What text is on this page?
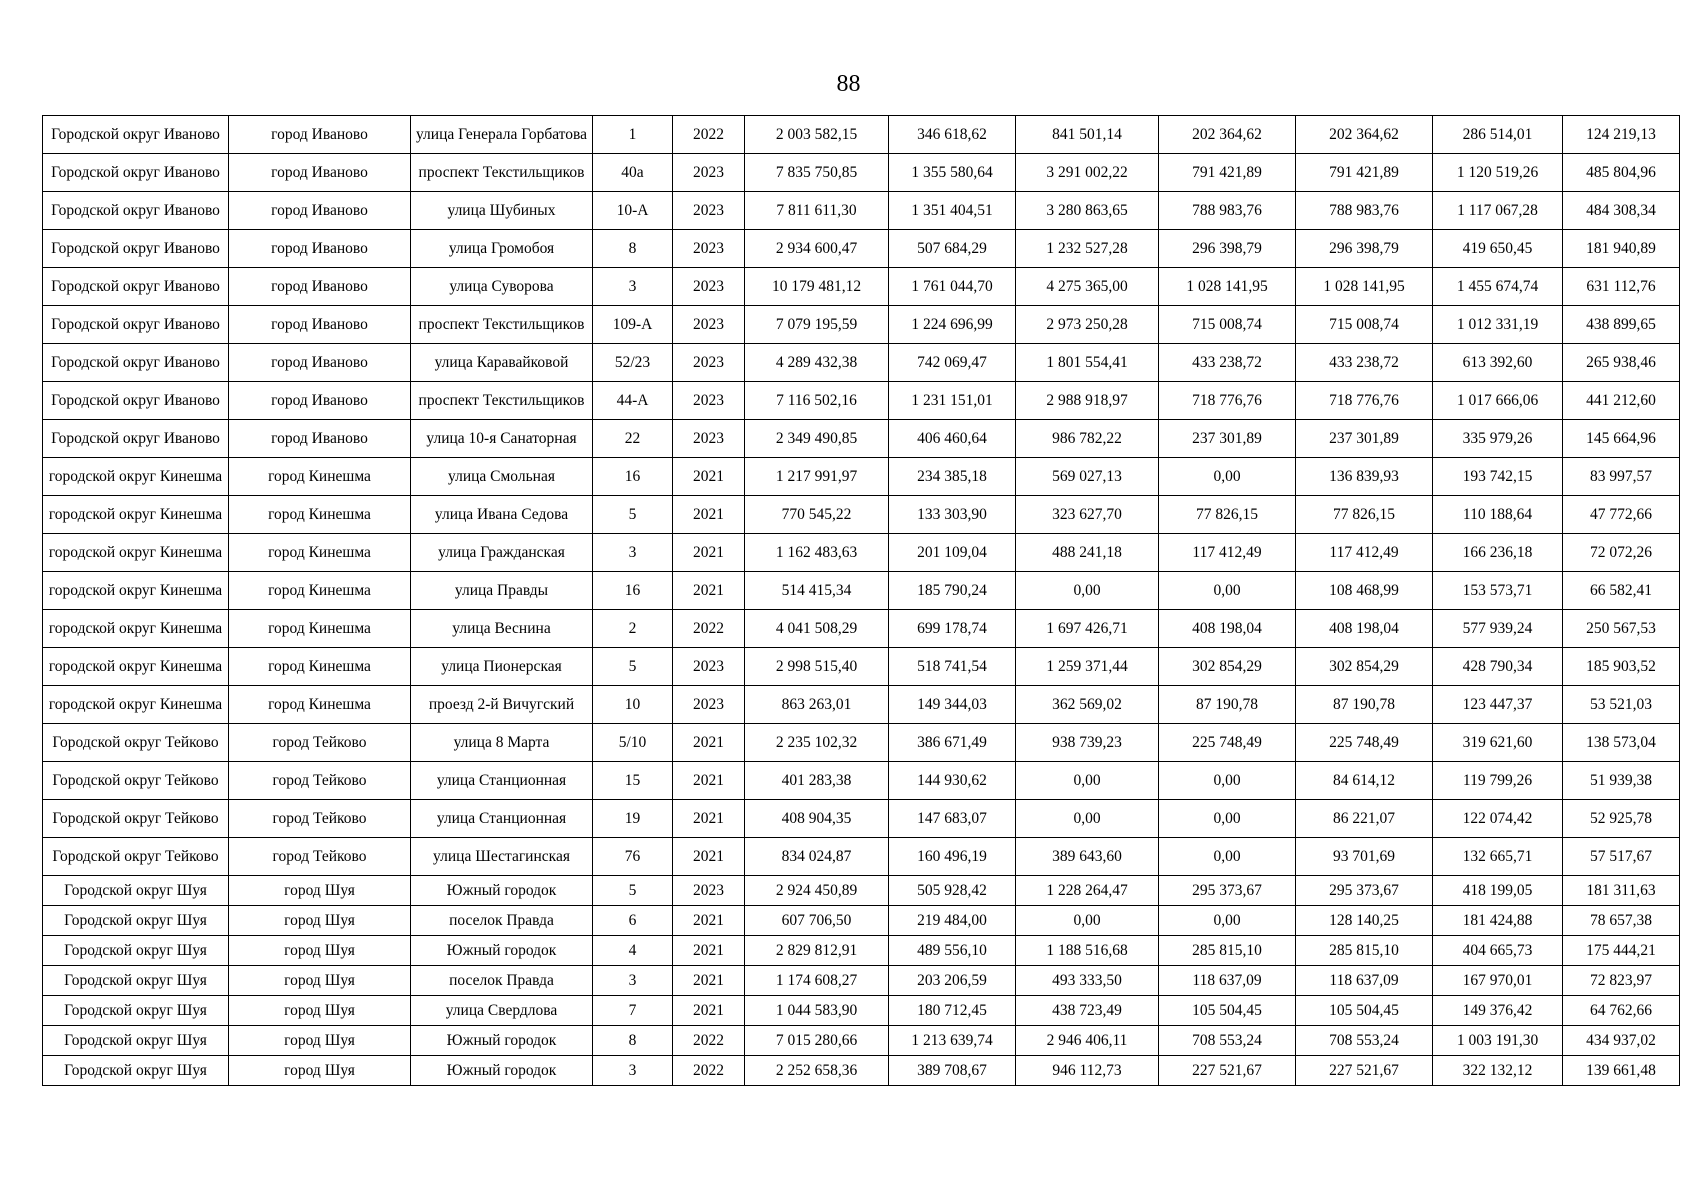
88
Городской округ Иваново	город Иваново	улица Генерала Горбатова	1	2022	2 003 582,15	346 618,62	841 501,14	202 364,62	202 364,62	286 514,01	124 219,13
Городской округ Иваново	город Иваново	проспект Текстильщиков	40а	2023	7 835 750,85	1 355 580,64	3 291 002,22	791 421,89	791 421,89	1 120 519,26	485 804,96
Городской округ Иваново	город Иваново	улица Шубиных	10-А	2023	7 811 611,30	1 351 404,51	3 280 863,65	788 983,76	788 983,76	1 117 067,28	484 308,34
Городской округ Иваново	город Иваново	улица Громобоя	8	2023	2 934 600,47	507 684,29	1 232 527,28	296 398,79	296 398,79	419 650,45	181 940,89
Городской округ Иваново	город Иваново	улица Суворова	3	2023	10 179 481,12	1 761 044,70	4 275 365,00	1 028 141,95	1 028 141,95	1 455 674,74	631 112,76
Городской округ Иваново	город Иваново	проспект Текстильщиков	109-А	2023	7 079 195,59	1 224 696,99	2 973 250,28	715 008,74	715 008,74	1 012 331,19	438 899,65
Городской округ Иваново	город Иваново	улица Каравайковой	52/23	2023	4 289 432,38	742 069,47	1 801 554,41	433 238,72	433 238,72	613 392,60	265 938,46
Городской округ Иваново	город Иваново	проспект Текстильщиков	44-А	2023	7 116 502,16	1 231 151,01	2 988 918,97	718 776,76	718 776,76	1 017 666,06	441 212,60
Городской округ Иваново	город Иваново	улица 10-я Санаторная	22	2023	2 349 490,85	406 460,64	986 782,22	237 301,89	237 301,89	335 979,26	145 664,96
городской округ Кинешма	город Кинешма	улица Смольная	16	2021	1 217 991,97	234 385,18	569 027,13	0,00	136 839,93	193 742,15	83 997,57
городской округ Кинешма	город Кинешма	улица Ивана Седова	5	2021	770 545,22	133 303,90	323 627,70	77 826,15	77 826,15	110 188,64	47 772,66
городской округ Кинешма	город Кинешма	улица Гражданская	3	2021	1 162 483,63	201 109,04	488 241,18	117 412,49	117 412,49	166 236,18	72 072,26
городской округ Кинешма	город Кинешма	улица Правды	16	2021	514 415,34	185 790,24	0,00	0,00	108 468,99	153 573,71	66 582,41
городской округ Кинешма	город Кинешма	улица Веснина	2	2022	4 041 508,29	699 178,74	1 697 426,71	408 198,04	408 198,04	577 939,24	250 567,53
городской округ Кинешма	город Кинешма	улица Пионерская	5	2023	2 998 515,40	518 741,54	1 259 371,44	302 854,29	302 854,29	428 790,34	185 903,52
городской округ Кинешма	город Кинешма	проезд 2-й Вичугский	10	2023	863 263,01	149 344,03	362 569,02	87 190,78	87 190,78	123 447,37	53 521,03
Городской округ Тейково	город Тейково	улица 8 Марта	5/10	2021	2 235 102,32	386 671,49	938 739,23	225 748,49	225 748,49	319 621,60	138 573,04
Городской округ Тейково	город Тейково	улица Станционная	15	2021	401 283,38	144 930,62	0,00	0,00	84 614,12	119 799,26	51 939,38
Городской округ Тейково	город Тейково	улица Станционная	19	2021	408 904,35	147 683,07	0,00	0,00	86 221,07	122 074,42	52 925,78
Городской округ Тейково	город Тейково	улица Шестагинская	76	2021	834 024,87	160 496,19	389 643,60	0,00	93 701,69	132 665,71	57 517,67
Городской округ Шуя	город Шуя	Южный городок	5	2023	2 924 450,89	505 928,42	1 228 264,47	295 373,67	295 373,67	418 199,05	181 311,63
Городской округ Шуя	город Шуя	поселок Правда	6	2021	607 706,50	219 484,00	0,00	0,00	128 140,25	181 424,88	78 657,38
Городской округ Шуя	город Шуя	Южный городок	4	2021	2 829 812,91	489 556,10	1 188 516,68	285 815,10	285 815,10	404 665,73	175 444,21
Городской округ Шуя	город Шуя	поселок Правда	3	2021	1 174 608,27	203 206,59	493 333,50	118 637,09	118 637,09	167 970,01	72 823,97
Городской округ Шуя	город Шуя	улица Свердлова	7	2021	1 044 583,90	180 712,45	438 723,49	105 504,45	105 504,45	149 376,42	64 762,66
Городской округ Шуя	город Шуя	Южный городок	8	2022	7 015 280,66	1 213 639,74	2 946 406,11	708 553,24	708 553,24	1 003 191,30	434 937,02
Городской округ Шуя	город Шуя	Южный городок	3	2022	2 252 658,36	389 708,67	946 112,73	227 521,67	227 521,67	322 132,12	139 661,48
